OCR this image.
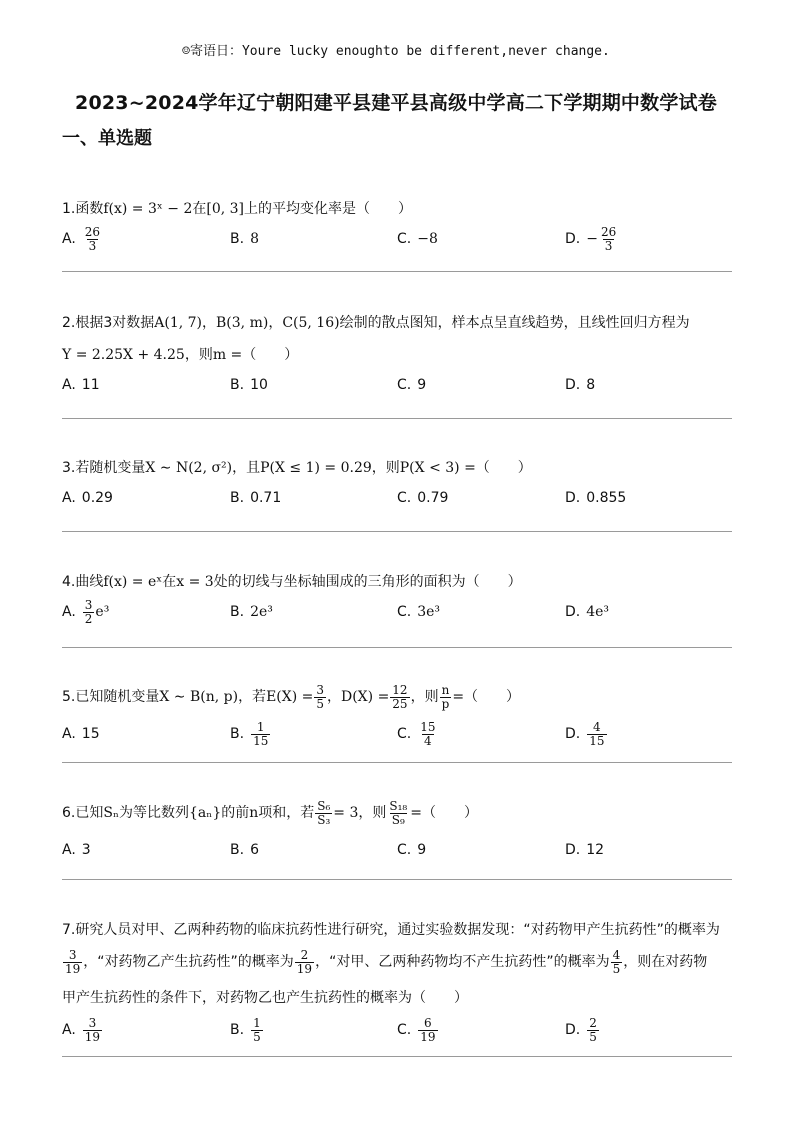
☺寄语日：Youre lucky enoughto be different,never change.
2023~2024学年辽宁朝阳建平县建平县高级中学高二下学期期中数学试卷
一、单选题
1.函数f(x) = 3ˣ − 2在[0, 3]上的平均变化率是（　　）
A. $\frac{26}{3}$	B. 8	C. −8	D. − $\frac{26}{3}$
2.根据3对数据A(1, 7)，B(3, m)，C(5, 16)绘制的散点图知，样本点呈直线趋势，且线性回归方程为
Y = 2.25X + 4.25，则m =（　　）
A. 11	B. 10	C. 9	D. 8
3.若随机变量X ∼ N(2, σ²)，且P(X ≤ 1) = 0.29，则P(X < 3) =（　　）
A. 0.29	B. 0.71	C. 0.79	D. 0.855
4.曲线f(x) = eˣ在x = 3处的切线与坐标轴围成的三角形的面积为（　　）
A. $\frac{3}{2} e^3$	B. 2e³	C. 3e³	D. 4e³
5.已知随机变量 X ∼ B(n, p) ，若 $E(X) = \frac{3}{5}$ ， $D(X) = \frac{12}{25}$ ，则 $\frac{n}{p}$ = （　　）
A. 15	B. $\frac{1}{15}$	C. $\frac{15}{4}$	D. $\frac{4}{15}$
6.已知 Sₙ 为等比数列 {aₙ} 的前 n 项和，若 $\frac{\text{S₆}}{\text{S₃}} = 3$ ，则 $\frac{\text{S₁₈}}{\text{S₉}}$ = （　　）
A. 3	B. 6	C. 9	D. 12
7.研究人员对甲、乙两种药物的临床抗药性进行研究，通过实验数据发现：“对药物甲产生抗药性”的概率为
$\frac{3}{19}$ ，“对药物乙产生抗药性”的概率为 $\frac{2}{19}$ ，“对甲、乙两种药物均不产生抗药性”的概率为 $\frac{4}{5}$ ，则在对药物
甲产生抗药性的条件下，对药物乙也产生抗药性的概率为（　　）
A. $\frac{3}{19}$	B. $\frac{1}{5}$	C. $\frac{6}{19}$	D. $\frac{2}{5}$
